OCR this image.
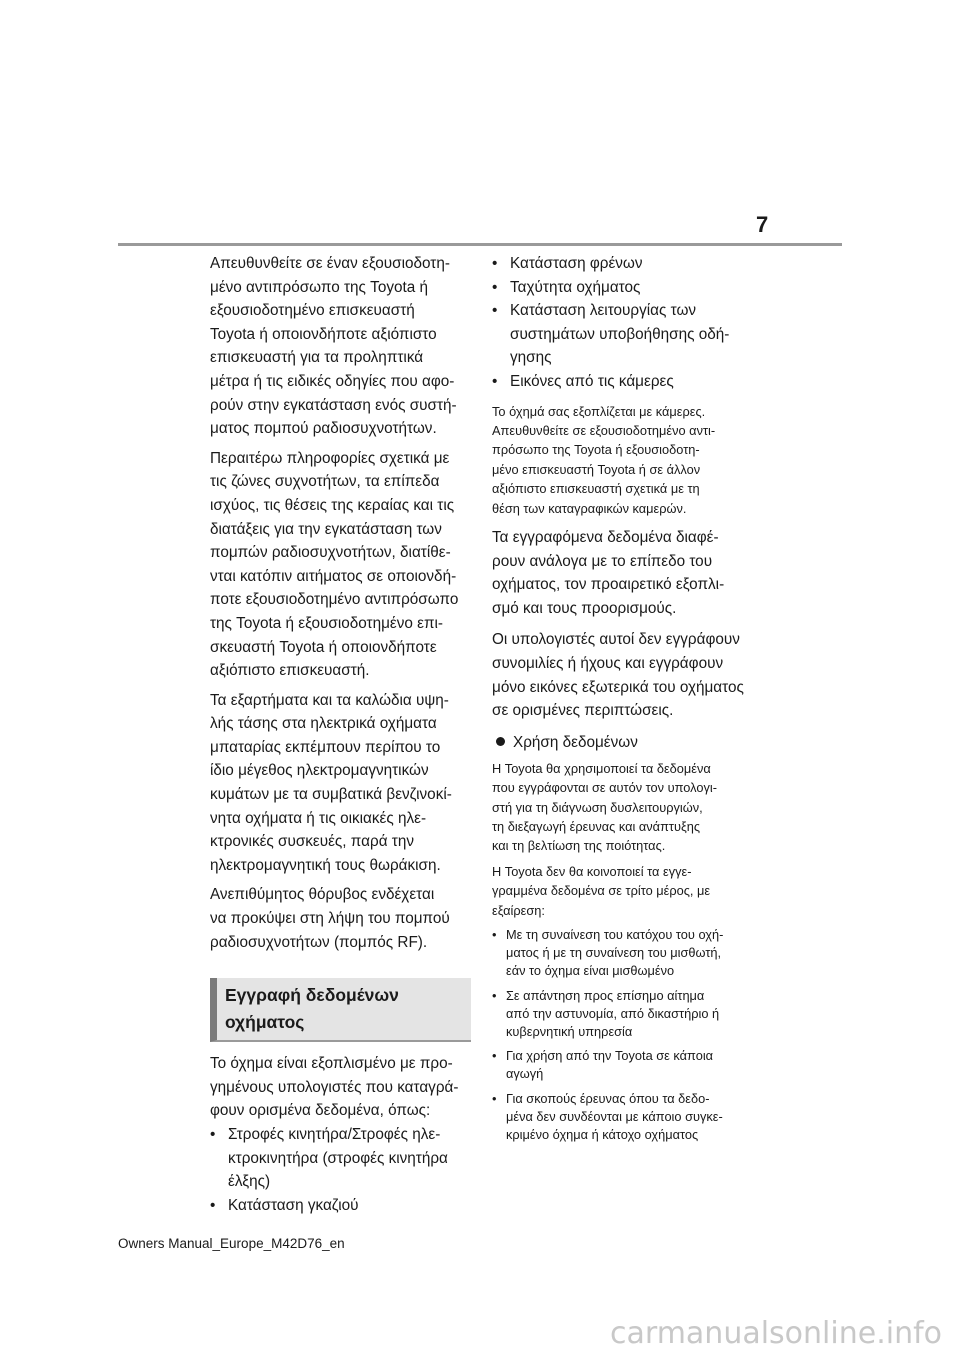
7

Απευθυνθείτε σε έναν εξουσιοδοτη-
μένο αντιπρόσωπο της Toyota ή
εξουσιοδοτημένο επισκευαστή
Toyota ή οποιονδήποτε αξιόπιστο
επισκευαστή για τα προληπτικά
μέτρα ή τις ειδικές οδηγίες που αφο-
ρούν στην εγκατάσταση ενός συστή-
ματος πομπού ραδιοσυχνοτήτων.

Περαιτέρω πληροφορίες σχετικά με
τις ζώνες συχνοτήτων, τα επίπεδα
ισχύος, τις θέσεις της κεραίας και τις
διατάξεις για την εγκατάσταση των
πομπών ραδιοσυχνοτήτων, διατίθε-
νται κατόπιν αιτήματος σε οποιονδή-
ποτε εξουσιοδοτημένο αντιπρόσωπο
της Toyota ή εξουσιοδοτημένο επι-
σκευαστή Toyota ή οποιονδήποτε
αξιόπιστο επισκευαστή.

Τα εξαρτήματα και τα καλώδια υψη-
λής τάσης στα ηλεκτρικά οχήματα
μπαταρίας εκπέμπουν περίπου το
ίδιο μέγεθος ηλεκτρομαγνητικών
κυμάτων με τα συμβατικά βενζινοκί-
νητα οχήματα ή τις οικιακές ηλε-
κτρονικές συσκευές, παρά την
ηλεκτρομαγνητική τους θωράκιση.

Ανεπιθύμητος θόρυβος ενδέχεται
να προκύψει στη λήψη του πομπού
ραδιοσυχνοτήτων (πομπός RF).

Εγγραφή δεδομένων
οχήματος

Το όχημα είναι εξοπλισμένο με προ-
γημένους υπολογιστές που καταγρά-
φουν ορισμένα δεδομένα, όπως:

• Στροφές κινητήρα/Στροφές ηλε-
κτροκινητήρα (στροφές κινητήρα
έλξης)
• Κατάσταση γκαζιού
• Κατάσταση φρένων
• Ταχύτητα οχήματος
• Κατάσταση λειτουργίας των
συστημάτων υποβοήθησης οδή-
γησης
• Εικόνες από τις κάμερες

Το όχημά σας εξοπλίζεται με κάμερες.
Απευθυνθείτε σε εξουσιοδοτημένο αντι-
πρόσωπο της Toyota ή εξουσιοδοτη-
μένο επισκευαστή Toyota ή σε άλλον
αξιόπιστο επισκευαστή σχετικά με τη
θέση των καταγραφικών καμερών.

Τα εγγραφόμενα δεδομένα διαφέ-
ρουν ανάλογα με το επίπεδο του
οχήματος, τον προαιρετικό εξοπλι-
σμό και τους προορισμούς.

Οι υπολογιστές αυτοί δεν εγγράφουν
συνομιλίες ή ήχους και εγγράφουν
μόνο εικόνες εξωτερικά του οχήματος
σε ορισμένες περιπτώσεις.

Χρήση δεδομένων

Η Toyota θα χρησιμοποιεί τα δεδομένα
που εγγράφονται σε αυτόν τον υπολογι-
στή για τη διάγνωση δυσλειτουργιών,
τη διεξαγωγή έρευνας και ανάπτυξης
και τη βελτίωση της ποιότητας.

Η Toyota δεν θα κοινοποιεί τα εγγε-
γραμμένα δεδομένα σε τρίτο μέρος, με
εξαίρεση:

• Με τη συναίνεση του κατόχου του οχή-
ματος ή με τη συναίνεση του μισθωτή,
εάν το όχημα είναι μισθωμένο
• Σε απάντηση προς επίσημο αίτημα
από την αστυνομία, από δικαστήριο ή
κυβερνητική υπηρεσία
• Για χρήση από την Toyota σε κάποια
αγωγή
• Για σκοπούς έρευνας όπου τα δεδο-
μένα δεν συνδέονται με κάποιο συγκε-
κριμένο όχημα ή κάτοχο οχήματος
Owners Manual_Europe_M42D76_en
carmanualsonline.info
